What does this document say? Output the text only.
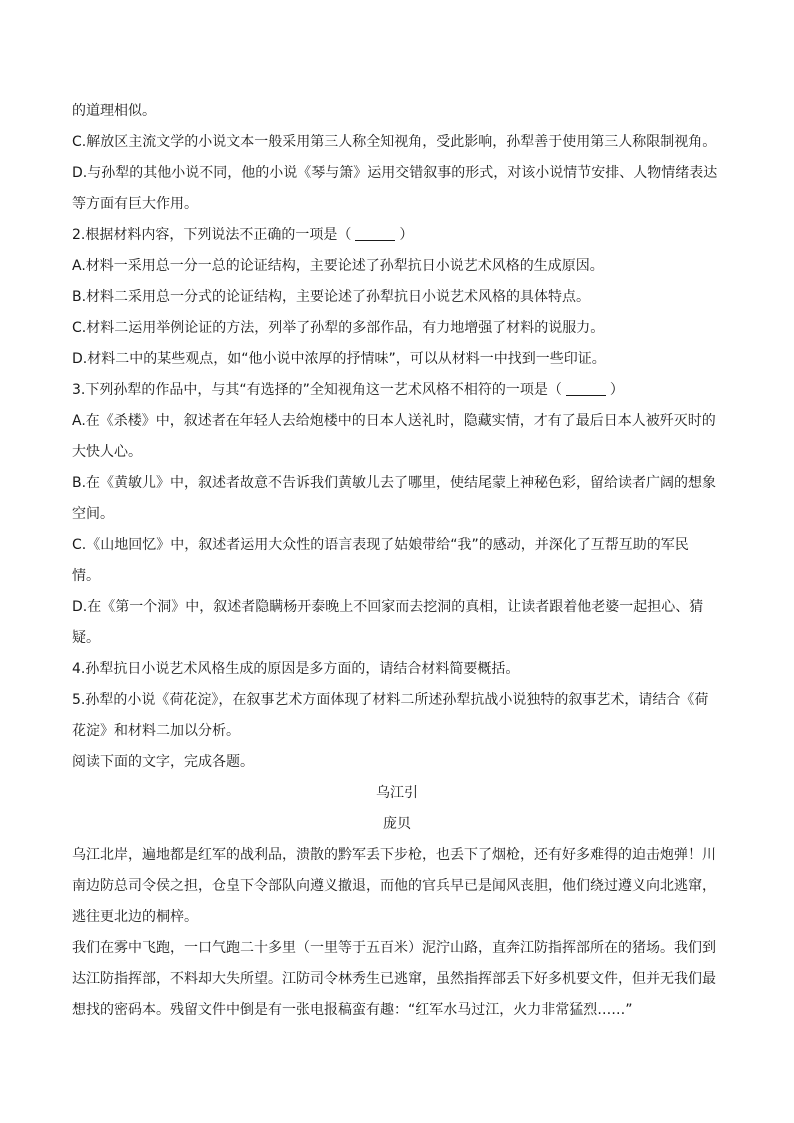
的道理相似。
C.解放区主流文学的小说文本一般采用第三人称全知视角，受此影响，孙犁善于使用第三人称限制视角。
D.与孙犁的其他小说不同，他的小说《琴与箫》运用交错叙事的形式，对该小说情节安排、人物情绪表达
等方面有巨大作用。
2.根据材料内容，下列说法不正确的一项是（	）
A.材料一采用总一分一总的论证结构，主要论述了孙犁抗日小说艺术风格的生成原因。
B.材料二采用总一分式的论证结构，主要论述了孙犁抗日小说艺术风格的具体特点。
C.材料二运用举例论证的方法，列举了孙犁的多部作品，有力地增强了材料的说服力。
D.材料二中的某些观点，如“他小说中浓厚的抒情味”，可以从材料一中找到一些印证。
3.下列孙犁的作品中，与其“有选择的”全知视角这一艺术风格不相符的一项是（	）
A.在《杀楼》中，叙述者在年轻人去给炮楼中的日本人送礼时，隐藏实情，才有了最后日本人被歼灭时的
大快人心。
B.在《黄敏儿》中，叙述者故意不告诉我们黄敏儿去了哪里，使结尾蒙上神秘色彩，留给读者广阔的想象
空间。
C.《山地回忆》中，叙述者运用大众性的语言表现了姑娘带给“我”的感动，并深化了互帮互助的军民
情。
D.在《第一个洞》中，叙述者隐瞒杨开泰晚上不回家而去挖洞的真相，让读者跟着他老婆一起担心、猜
疑。
4.孙犁抗日小说艺术风格生成的原因是多方面的，请结合材料简要概括。
5.孙犁的小说《荷花淀》，在叙事艺术方面体现了材料二所述孙犁抗战小说独特的叙事艺术，请结合《荷
花淀》和材料二加以分析。
阅读下面的文字，完成各题。
乌江引
庞贝
乌江北岸，遍地都是红军的战利品，溃散的黔军丢下步枪，也丢下了烟枪，还有好多难得的迫击炮弹！川
南边防总司令侯之担，仓皇下令部队向遵义撤退，而他的官兵早已是闻风丧胆，他们绕过遵义向北逃窜，
逃往更北边的桐梓。
我们在雾中飞跑，一口气跑二十多里（一里等于五百米）泥泞山路，直奔江防指挥部所在的猪场。我们到
达江防指挥部，不料却大失所望。江防司令林秀生已逃窜，虽然指挥部丢下好多机要文件，但并无我们最
想找的密码本。残留文件中倒是有一张电报稿蛮有趣：“红军水马过江，火力非常猛烈……”
